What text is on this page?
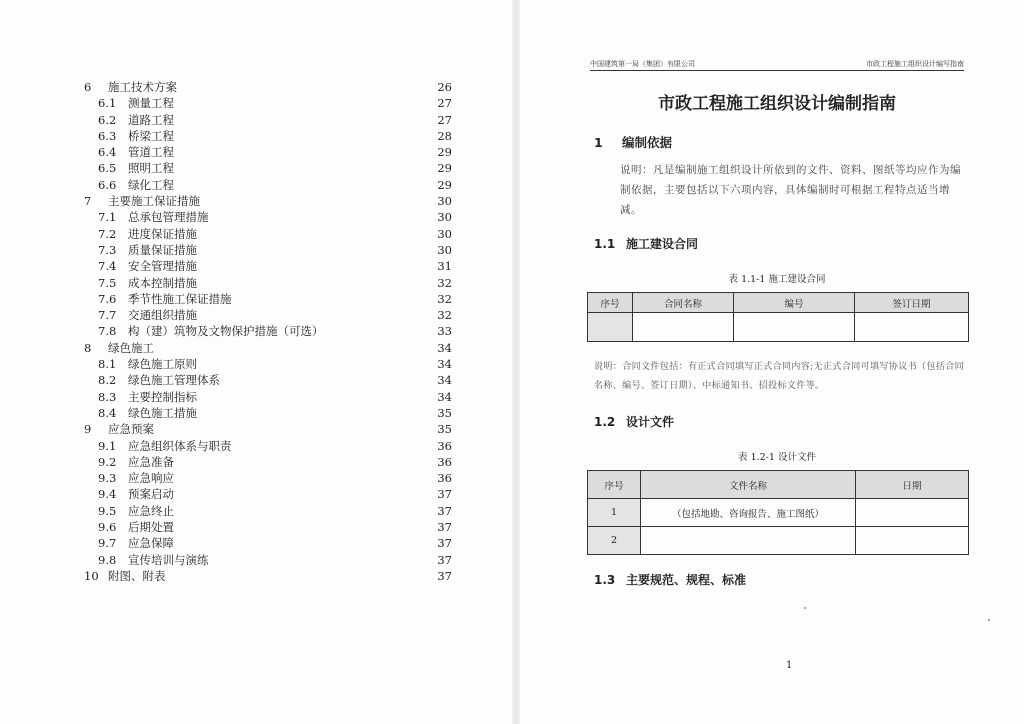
6 施工技术方案	26
6.1 测量工程	27
6.2 道路工程	27
6.3 桥梁工程	28
6.4 管道工程	29
6.5 照明工程	29
6.6 绿化工程	29
7 主要施工保证措施	30
7.1 总承包管理措施	30
7.2 进度保证措施	30
7.3 质量保证措施	30
7.4 安全管理措施	31
7.5 成本控制措施	32
7.6 季节性施工保证措施	32
7.7 交通组织措施	32
7.8 构（建）筑物及文物保护措施（可选）	33
8 绿色施工	34
8.1 绿色施工原则	34
8.2 绿色施工管理体系	34
8.3 主要控制指标	34
8.4 绿色施工措施	35
9 应急预案	35
9.1 应急组织体系与职责	36
9.2 应急准备	36
9.3 应急响应	36
9.4 预案启动	37
9.5 应急终止	37
9.6 后期处置	37
9.7 应急保障	37
9.8 宣传培训与演练	37
10 附图、附表	37
中国建筑第一局（集团）有限公司	市政工程施工组织设计编写指南
市政工程施工组织设计编制指南
1 编制依据
说明：凡是编制施工组织设计所依到的文件、资料、图纸等均应作为编制依据，主要包括以下六项内容，具体编制时可根据工程特点适当增减。
1.1 施工建设合同
表 1.1-1 施工建设合同
序号	合同名称	编号	签订日期

说明：合同文件包括：有正式合同填写正式合同内容;无正式合同可填写协议书（包括合同名称、编号、签订日期）、中标通知书、招投标文件等。
1.2 设计文件
表 1.2-1 设计文件
序号	文件名称	日期
1	（包括地勘、咨询报告、施工图纸）	
2		
1.3 主要规范、规程、标准
1
